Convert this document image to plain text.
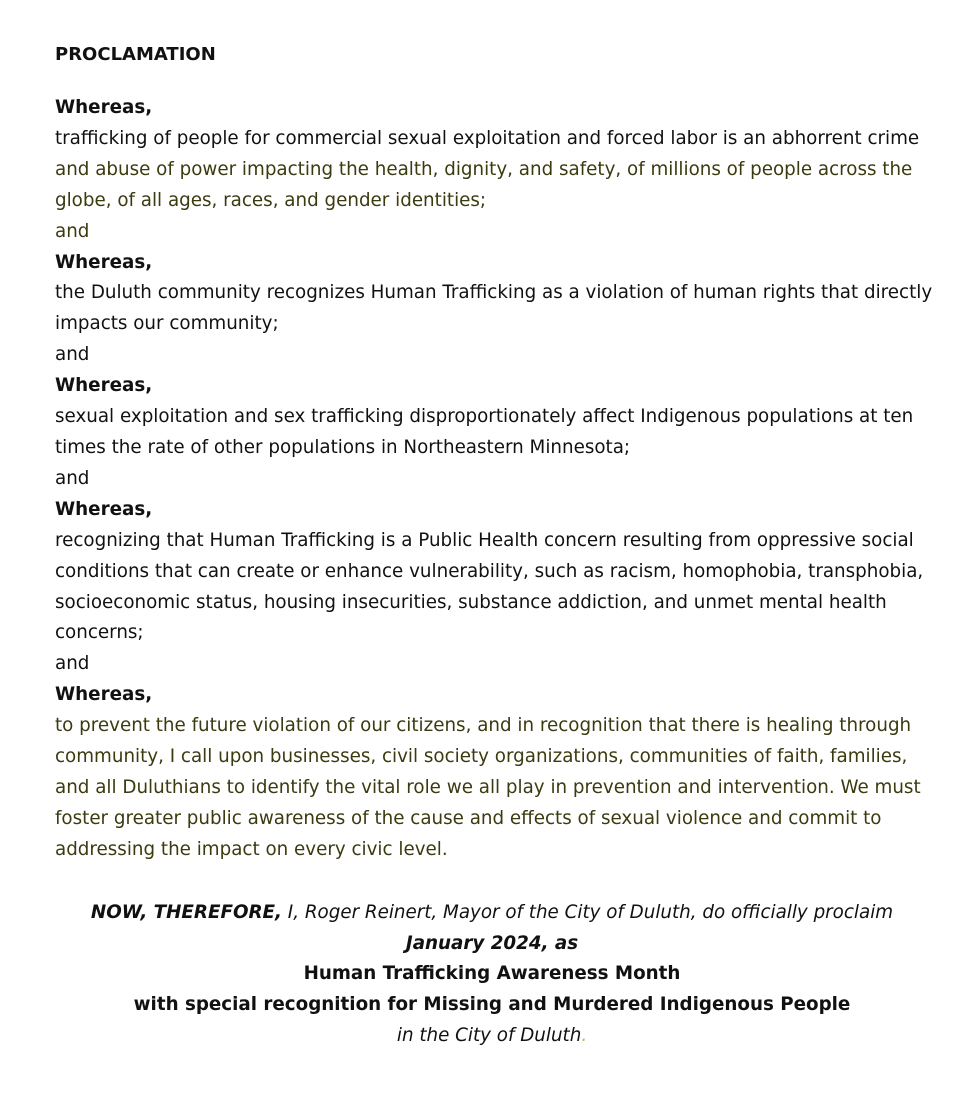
PROCLAMATION
Whereas,
trafficking of people for commercial sexual exploitation and forced labor is an abhorrent crime
and abuse of power impacting the health, dignity, and safety, of millions of people across the
globe, of all ages, races, and gender identities;
and
Whereas,
the Duluth community recognizes Human Trafficking as a violation of human rights that directly
impacts our community;
and
Whereas,
sexual exploitation and sex trafficking disproportionately affect Indigenous populations at ten
times the rate of other populations in Northeastern Minnesota;
and
Whereas,
recognizing that Human Trafficking is a Public Health concern resulting from oppressive social
conditions that can create or enhance vulnerability, such as racism, homophobia, transphobia,
socioeconomic status, housing insecurities, substance addiction, and unmet mental health
concerns;
and
Whereas,
to prevent the future violation of our citizens, and in recognition that there is healing through
community, I call upon businesses, civil society organizations, communities of faith, families,
and all Duluthians to identify the vital role we all play in prevention and intervention. We must
foster greater public awareness of the cause and effects of sexual violence and commit to
addressing the impact on every civic level.
NOW, THEREFORE, I, Roger Reinert, Mayor of the City of Duluth, do officially proclaim
January 2024, as
Human Trafficking Awareness Month
with special recognition for Missing and Murdered Indigenous People
in the City of Duluth.
